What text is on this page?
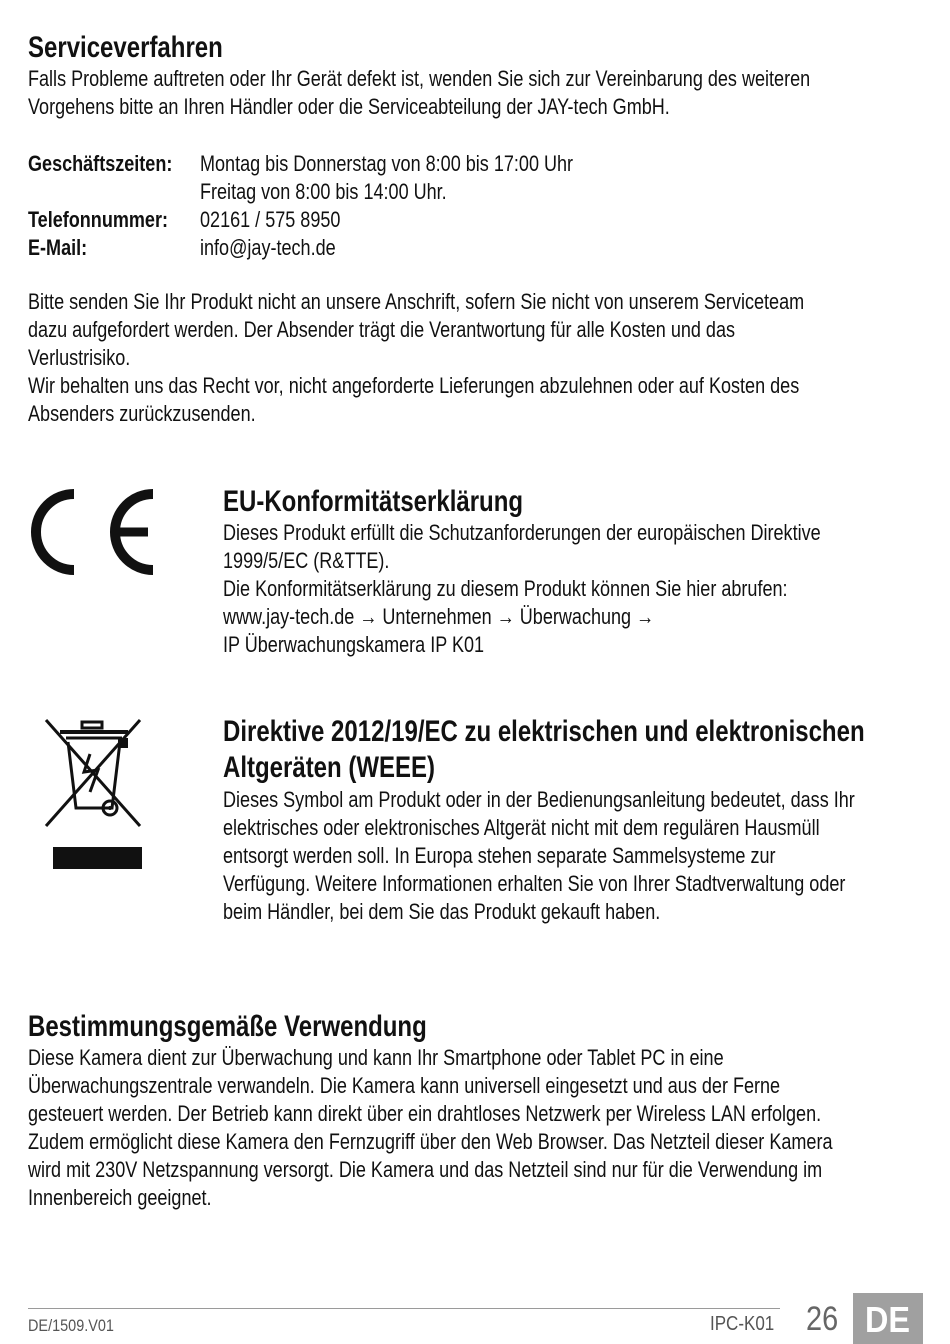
Serviceverfahren
Falls Probleme auftreten oder Ihr Gerät defekt ist, wenden Sie sich zur Vereinbarung des weiteren
Vorgehens bitte an Ihren Händler oder die Serviceabteilung der JAY-tech GmbH.
Geschäftszeiten: Montag bis Donnerstag von 8:00 bis 17:00 Uhr
Freitag von 8:00 bis 14:00 Uhr.
Telefonnummer: 02161 / 575 8950
E-Mail:	info@jay-tech.de
Bitte senden Sie Ihr Produkt nicht an unsere Anschrift, sofern Sie nicht von unserem Serviceteam
dazu aufgefordert werden. Der Absender trägt die Verantwortung für alle Kosten und das
Verlustrisiko.
Wir behalten uns das Recht vor, nicht angeforderte Lieferungen abzulehnen oder auf Kosten des
Absenders zurückzusenden.
EU-Konformitätserklärung
Dieses Produkt erfüllt die Schutzanforderungen der europäischen Direktive
1999/5/EC (R&TTE).
Die Konformitätserklärung zu diesem Produkt können Sie hier abrufen:
www.jay-tech.de → Unternehmen → Überwachung →
IP Überwachungskamera IP K01
Direktive 2012/19/EC zu elektrischen und elektronischen
Altgeräten (WEEE)
Dieses Symbol am Produkt oder in der Bedienungsanleitung bedeutet, dass Ihr
elektrisches oder elektronisches Altgerät nicht mit dem regulären Hausmüll
entsorgt werden soll. In Europa stehen separate Sammelsysteme zur
Verfügung. Weitere Informationen erhalten Sie von Ihrer Stadtverwaltung oder
beim Händler, bei dem Sie das Produkt gekauft haben.
Bestimmungsgemäße Verwendung
Diese Kamera dient zur Überwachung und kann Ihr Smartphone oder Tablet PC in eine
Überwachungszentrale verwandeln. Die Kamera kann universell eingesetzt und aus der Ferne
gesteuert werden. Der Betrieb kann direkt über ein drahtloses Netzwerk per Wireless LAN erfolgen.
Zudem ermöglicht diese Kamera den Fernzugriff über den Web Browser. Das Netzteil dieser Kamera
wird mit 230V Netzspannung versorgt. Die Kamera und das Netzteil sind nur für die Verwendung im
Innenbereich geeignet.
DE/1509.V01	IPC-K01 26 DE
